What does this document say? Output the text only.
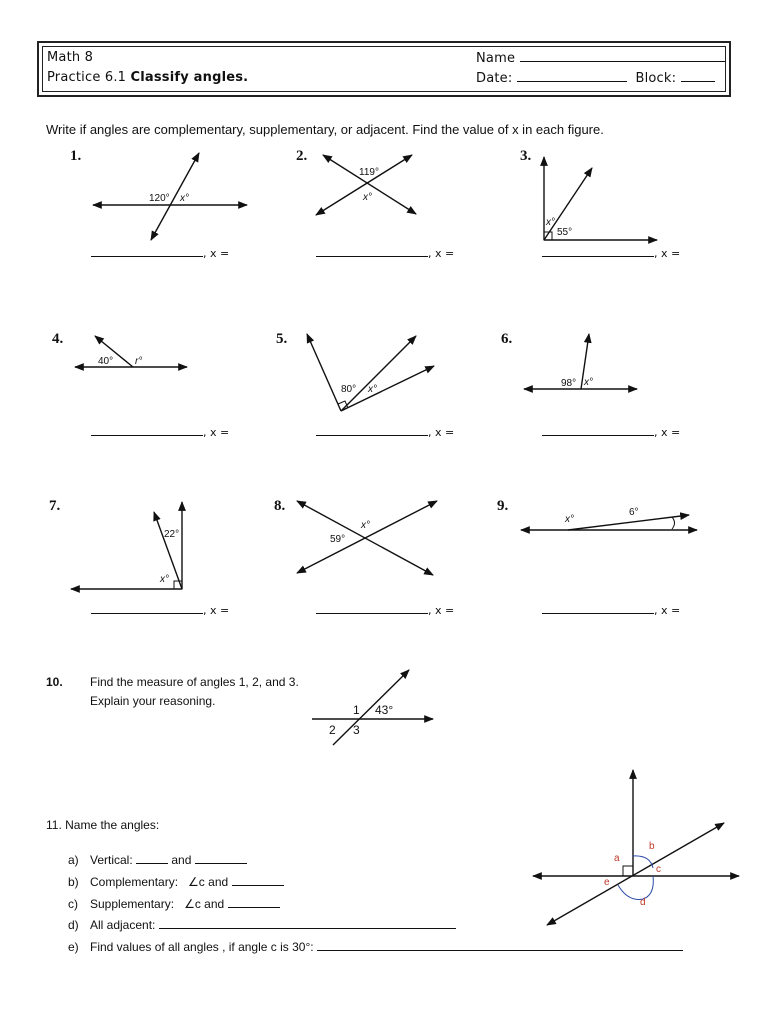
Math 8
Practice 6.1 Classify angles.
Name
Date:	Block:
Write if angles are complementary, supplementary, or adjacent. Find the value of x in each figure.
1.	2.	3.
4.	5.	6.
7.	8.	9.
, x =	, x =	, x =
, x =	, x =	, x =
, x =	, x =	, x =
120° x°
119°
x°
x°
55°
40° r°
80° x°
98° x°
22°
x°
59°
x°
x°
6°
1 43°
2 3
a
b
c
d
e
10. Find the measure of angles 1, 2, and 3.
Explain your reasoning.
11. Name the angles:
a) Vertical:	and
b) Complementary: ∠c and
c) Supplementary: ∠c and
d) All adjacent:
e) Find values of all angles , if angle c is 30°:
